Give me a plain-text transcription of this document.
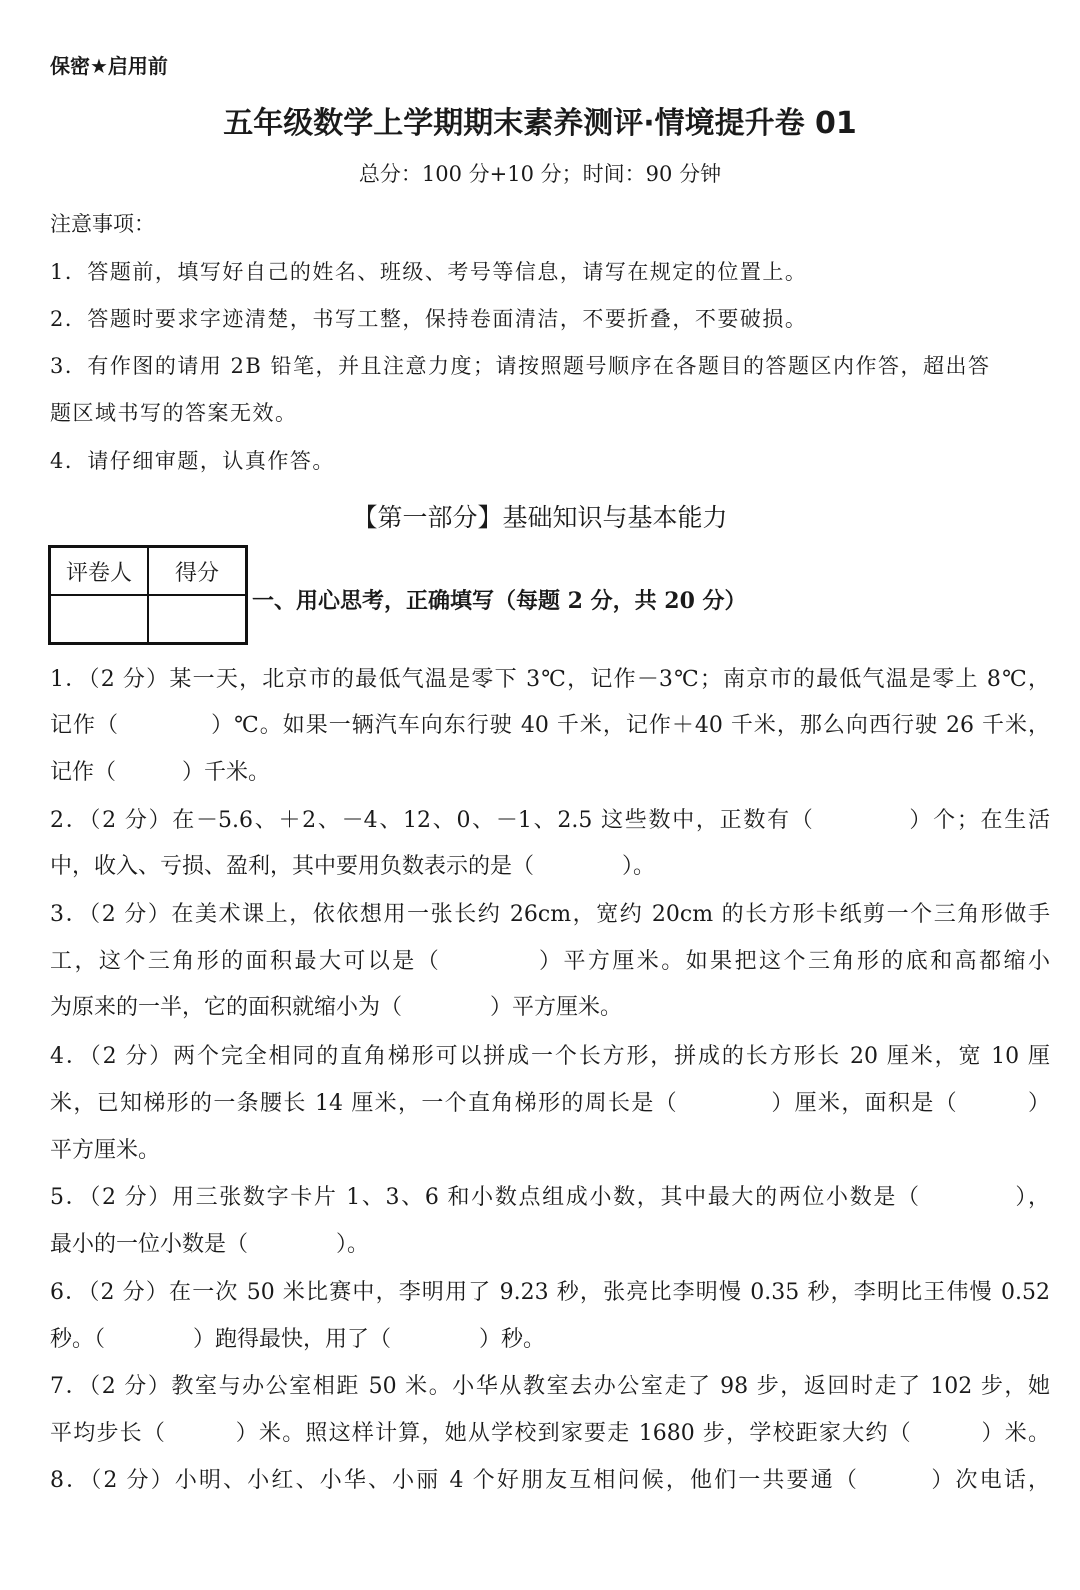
保密★启用前
五年级数学上学期期末素养测评·情境提升卷 01
总分：100 分+10 分；时间：90 分钟
注意事项：
1．答题前，填写好自己的姓名、班级、考号等信息，请写在规定的位置上。
2．答题时要求字迹清楚，书写工整，保持卷面清洁，不要折叠，不要破损。
3．有作图的请用 2B 铅笔，并且注意力度；请按照题号顺序在各题目的答题区内作答，超出答
题区域书写的答案无效。
4．请仔细审题，认真作答。
【第一部分】基础知识与基本能力
评卷人	得分

一、用心思考，正确填写（每题 2 分，共 20 分）
1．（2 分）某一天，北京市的最低气温是零下 3℃，记作－3℃；南京市的最低气温是零上 8℃，
记作（　　　　）℃。如果一辆汽车向东行驶 40 千米，记作＋40 千米，那么向西行驶 26 千米，
记作（　　　）千米。
2．（2 分）在－5.6、＋2、－4、12、0、－1、2.5 这些数中，正数有（　　　　）个；在生活
中，收入、亏损、盈利，其中要用负数表示的是（　　　　）。
3．（2 分）在美术课上，依依想用一张长约 26cm，宽约 20cm 的长方形卡纸剪一个三角形做手
工，这个三角形的面积最大可以是（　　　　）平方厘米。如果把这个三角形的底和高都缩小
为原来的一半，它的面积就缩小为（　　　　）平方厘米。
4．（2 分）两个完全相同的直角梯形可以拼成一个长方形，拼成的长方形长 20 厘米，宽 10 厘
米，已知梯形的一条腰长 14 厘米，一个直角梯形的周长是（　　　　）厘米，面积是（　　　）
平方厘米。
5．（2 分）用三张数字卡片 1、3、6 和小数点组成小数，其中最大的两位小数是（　　　　），
最小的一位小数是（　　　　）。
6．（2 分）在一次 50 米比赛中，李明用了 9.23 秒，张亮比李明慢 0.35 秒，李明比王伟慢 0.52
秒。（　　　　）跑得最快，用了（　　　　）秒。
7．（2 分）教室与办公室相距 50 米。小华从教室去办公室走了 98 步，返回时走了 102 步，她
平均步长（　　　）米。照这样计算，她从学校到家要走 1680 步，学校距家大约（　　　）米。
8．（2 分）小明、小红、小华、小丽 4 个好朋友互相问候，他们一共要通（　　　）次电话，
